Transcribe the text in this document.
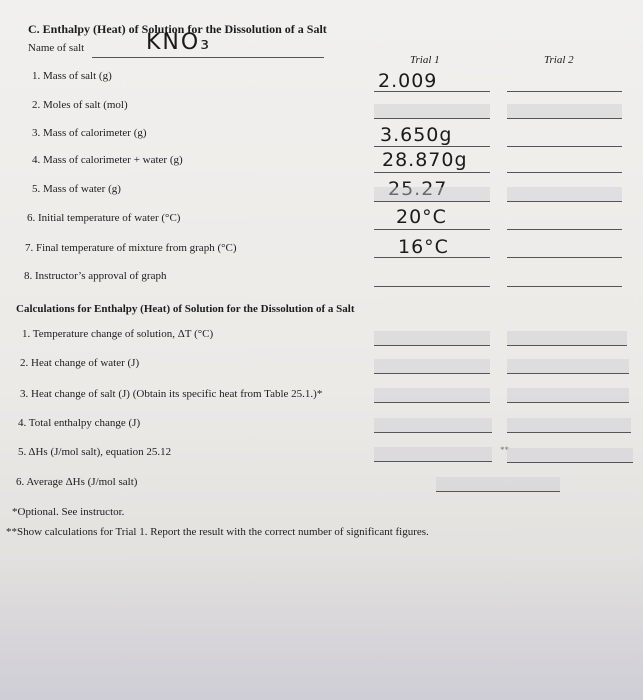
C. Enthalpy (Heat) of Solution for the Dissolution of a Salt
Name of salt	KNO₃
Trial 1	Trial 2
1. Mass of salt (g)	2.009
2. Moles of salt (mol)
3. Mass of calorimeter (g)	3.650g
4. Mass of calorimeter + water (g)	28.870g
5. Mass of water (g)	25.27
6. Initial temperature of water (°C)	20°C
7. Final temperature of mixture from graph (°C)	16°C
8. Instructor’s approval of graph
Calculations for Enthalpy (Heat) of Solution for the Dissolution of a Salt
1. Temperature change of solution, ΔT (°C)
2. Heat change of water (J)
3. Heat change of salt (J) (Obtain its specific heat from Table 25.1.)*
4. Total enthalpy change (J)
5. ΔHs (J/mol salt), equation 25.12	**
6. Average ΔHs (J/mol salt)
*Optional. See instructor.
**Show calculations for Trial 1. Report the result with the correct number of significant figures.
